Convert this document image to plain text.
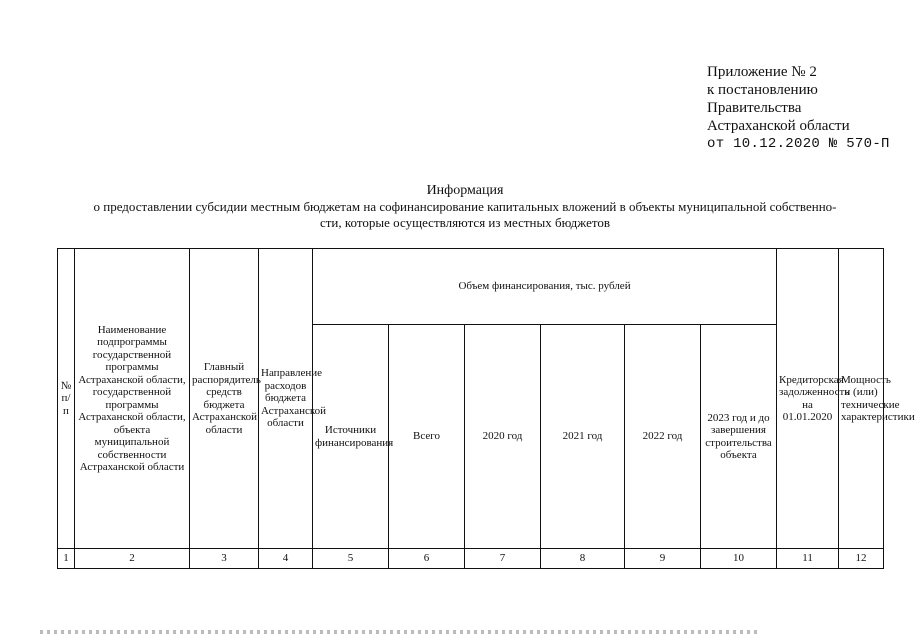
Приложение № 2
к постановлению
Правительства
Астраханской области
от 10.12.2020 № 570-П
Информация
о предоставлении субсидии местным бюджетам на софинансирование капитальных вложений в объекты муниципальной собственно-
сти, которые осуществляются из местных бюджетов
№ п/п	Наименование подпрограммы государственной программы Астраханской области, государственной программы Астраханской области, объекта муниципальной собственности Астраханской области	Главный распорядитель средств бюджета Астраханской области	Направление расходов бюджета Астраханской области	Объем финансирования, тыс. рублей						Кредиторская задолженность на 01.01.2020	Мощность и (или) технические характеристики
				Источники финансирования	Всего	2020 год	2021 год	2022 год	2023 год и до завершения строительства объекта		
1	2	3	4	5	6	7	8	9	10	11	12
